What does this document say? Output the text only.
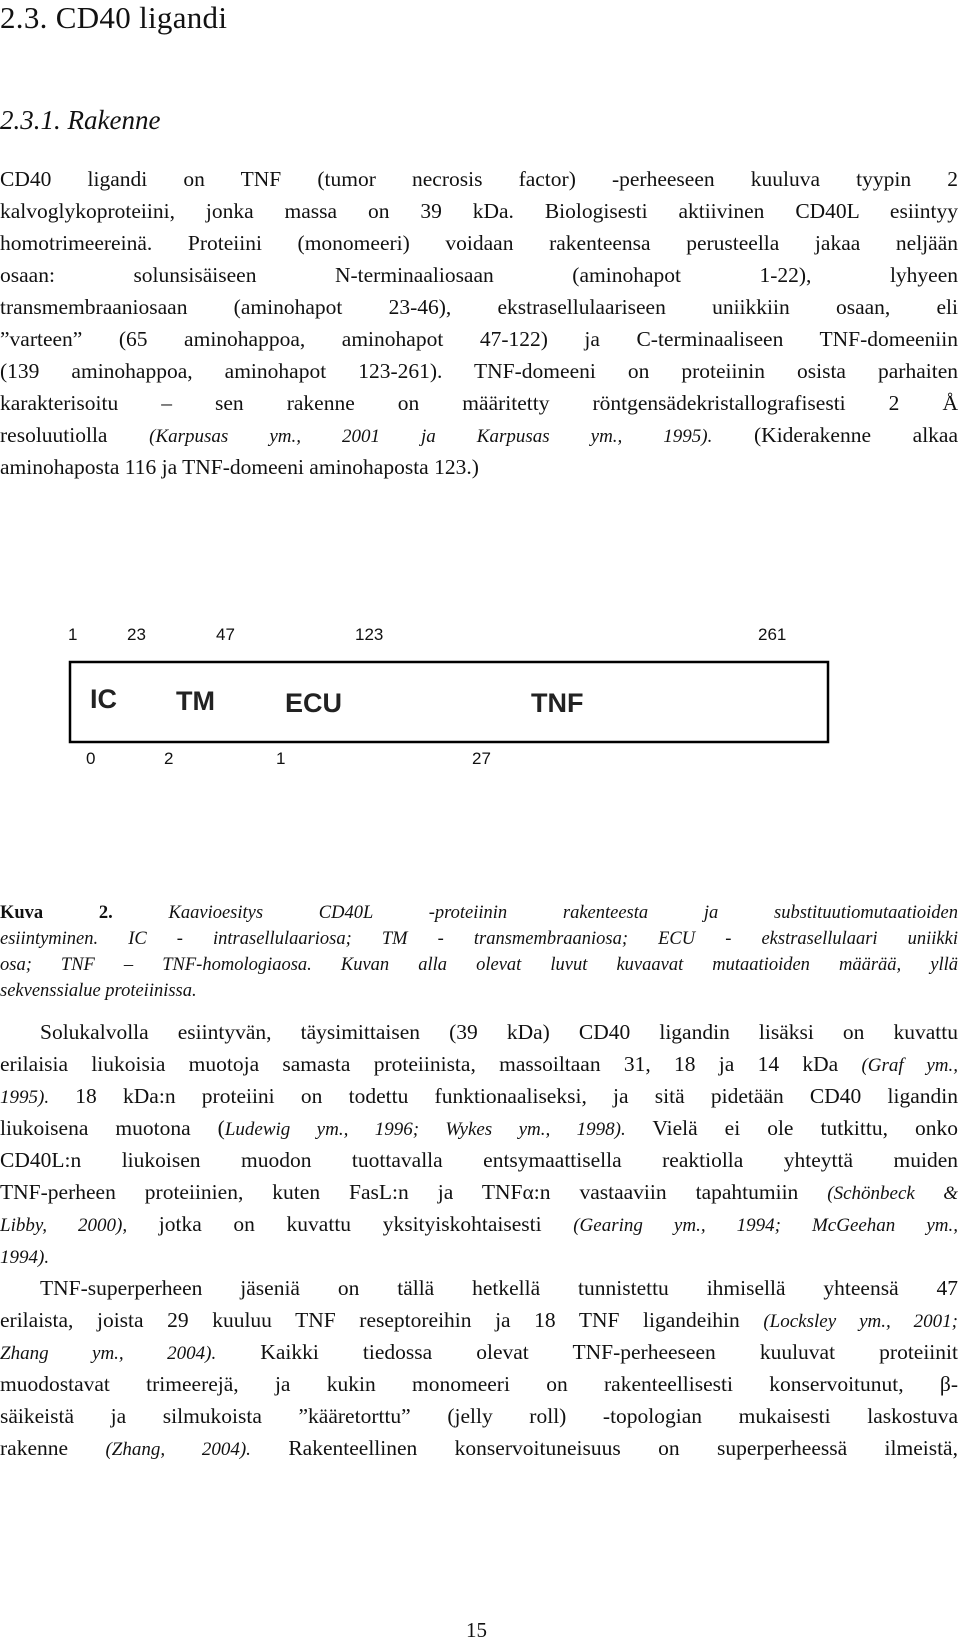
2.3. CD40 ligandi
2.3.1. Rakenne
CD40 ligandi on TNF (tumor necrosis factor) -perheeseen kuuluva tyypin 2
kalvoglykoproteiini, jonka massa on 39 kDa. Biologisesti aktiivinen CD40L esiintyy
homotrimeereinä. Proteiini (monomeeri) voidaan rakenteensa perusteella jakaa neljään
osaan: solunsisäiseen N-terminaaliosaan (aminohapot 1-22), lyhyeen
transmembraaniosaan (aminohapot 23-46), ekstrasellulaariseen uniikkiin osaan, eli
”varteen” (65 aminohappoa, aminohapot 47-122) ja C-terminaaliseen TNF-domeeniin
(139 aminohappoa, aminohapot 123-261). TNF-domeeni on proteiinin osista parhaiten
karakterisoitu – sen rakenne on määritetty röntgensädekristallografisesti 2 Å
resoluutiolla (Karpusas ym., 2001 ja Karpusas ym., 1995). (Kiderakenne alkaa
aminohaposta 116 ja TNF-domeeni aminohaposta 123.)
1	23	47	123	261
IC TM	ECU	TNF
0	2	1	27
Kuva 2. Kaavioesitys CD40L -proteiinin rakenteesta ja substituutiomutaatioiden
esiintyminen. IC - intrasellulaariosa; TM - transmembraaniosa; ECU - ekstrasellulaari uniikki
osa; TNF – TNF-homologiaosa. Kuvan alla olevat luvut kuvaavat mutaatioiden määrää, yllä
sekvenssialue proteiinissa.
Solukalvolla esiintyvän, täysimittaisen (39 kDa) CD40 ligandin lisäksi on kuvattu
erilaisia liukoisia muotoja samasta proteiinista, massoiltaan 31, 18 ja 14 kDa (Graf ym.,
1995). 18 kDa:n proteiini on todettu funktionaaliseksi, ja sitä pidetään CD40 ligandin
liukoisena muotona (Ludewig ym., 1996; Wykes ym., 1998). Vielä ei ole tutkittu, onko
CD40L:n liukoisen muodon tuottavalla entsymaattisella reaktiolla yhteyttä muiden
TNF-perheen proteiinien, kuten FasL:n ja TNFα:n vastaaviin tapahtumiin (Schönbeck &
Libby, 2000), jotka on kuvattu yksityiskohtaisesti (Gearing ym., 1994; McGeehan ym.,
1994).
TNF-superperheen jäseniä on tällä hetkellä tunnistettu ihmisellä yhteensä 47
erilaista, joista 29 kuuluu TNF reseptoreihin ja 18 TNF ligandeihin (Locksley ym., 2001;
Zhang ym., 2004). Kaikki tiedossa olevat TNF-perheeseen kuuluvat proteiinit
muodostavat trimeerejä, ja kukin monomeeri on rakenteellisesti konservoitunut, β-
säikeistä ja silmukoista ”kääretorttu” (jelly roll) -topologian mukaisesti laskostuva
rakenne (Zhang, 2004). Rakenteellinen konservoituneisuus on superperheessä ilmeistä,
15
